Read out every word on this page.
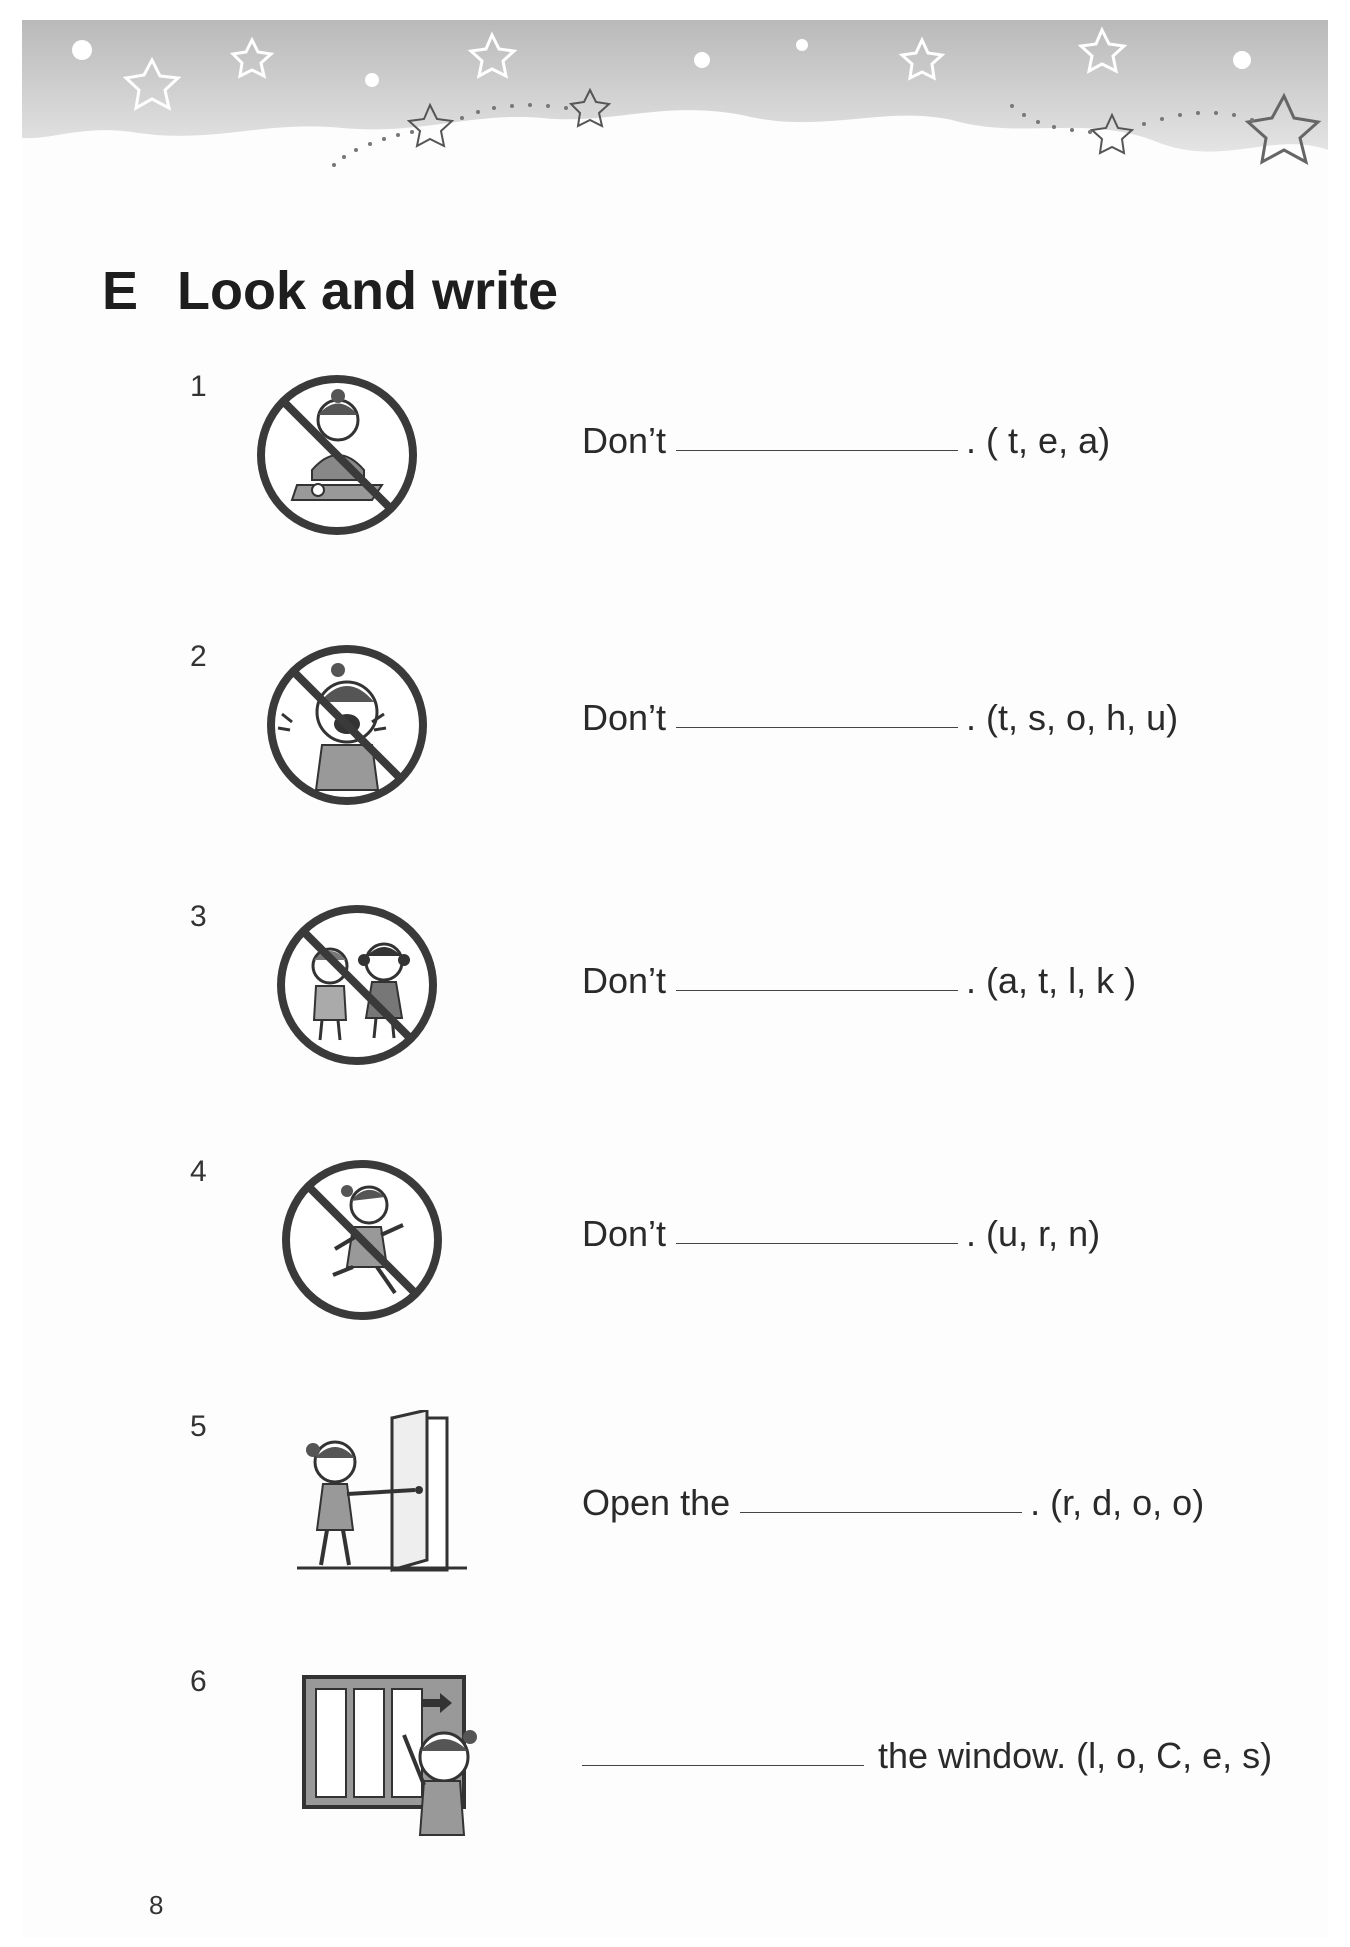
E Look and write
1
Don’t	. ( t, e, a)
2
Don’t	. (t, s, o, h, u)
3
Don’t	. (a, t, l, k )
4
Don’t	. (u, r, n)
5
Open the	. (r, d, o, o)
6
the window. (l, o, C, e, s)
8
